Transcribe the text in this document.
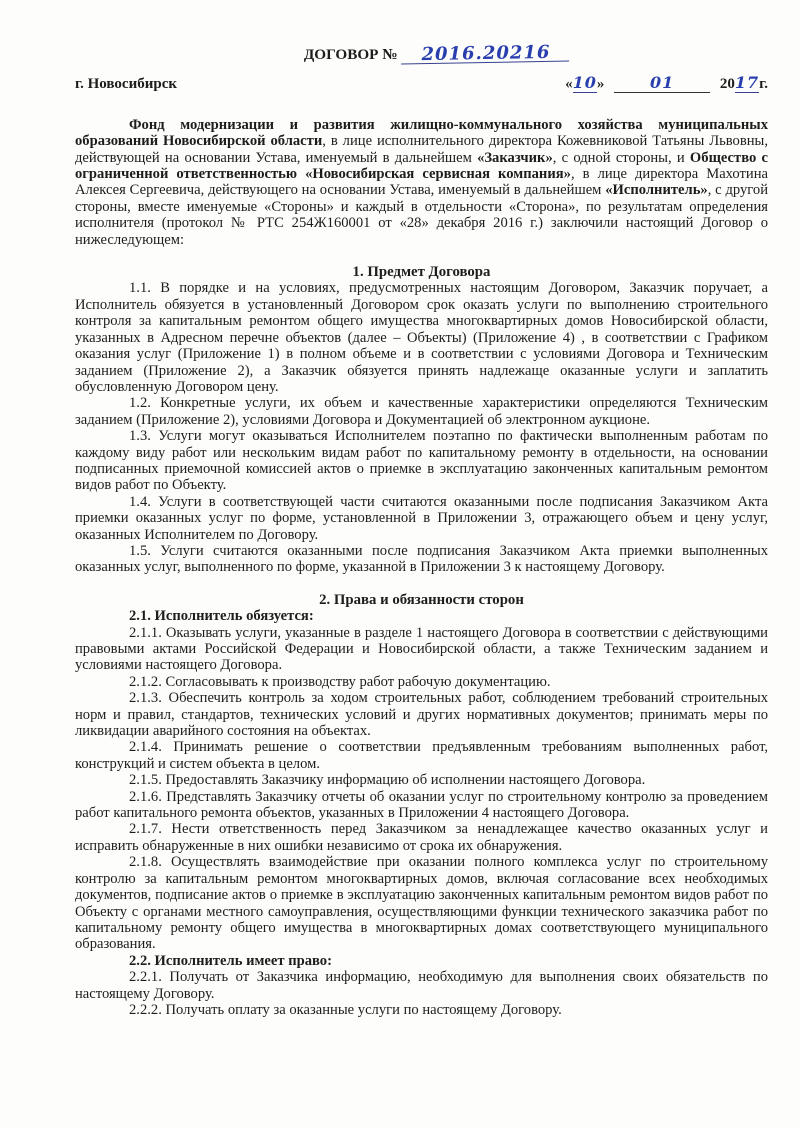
ДОГОВОР № 2016.20216
г. Новосибирск	«10»	01	2017г.

Фонд модернизации и развития жилищно-коммунального хозяйства муниципальных образований Новосибирской области, в лице исполнительного директора Кожевниковой Татьяны Львовны, действующей на основании Устава, именуемый в дальнейшем «Заказчик», с одной стороны, и Общество с ограниченной ответственностью «Новосибирская сервисная компания», в лице директора Махотина Алексея Сергеевича, действующего на основании Устава, именуемый в дальнейшем «Исполнитель», с другой стороны, вместе именуемые «Стороны» и каждый в отдельности «Сторона», по результатам определения исполнителя (протокол № РТС 254Ж160001 от «28» декабря 2016 г.) заключили настоящий Договор о нижеследующем:

1. Предмет Договора

1.1. В порядке и на условиях, предусмотренных настоящим Договором, Заказчик поручает, а Исполнитель обязуется в установленный Договором срок оказать услуги по выполнению строительного контроля за капитальным ремонтом общего имущества многоквартирных домов Новосибирской области, указанных в Адресном перечне объектов (далее – Объекты) (Приложение 4) , в соответствии с Графиком оказания услуг (Приложение 1) в полном объеме и в соответствии с условиями Договора и Техническим заданием (Приложение 2), а Заказчик обязуется принять надлежаще оказанные услуги и заплатить обусловленную Договором цену.

1.2. Конкретные услуги, их объем и качественные характеристики определяются Техническим заданием (Приложение 2), условиями Договора и Документацией об электронном аукционе.

1.3. Услуги могут оказываться Исполнителем поэтапно по фактически выполненным работам по каждому виду работ или нескольким видам работ по капитальному ремонту в отдельности, на основании подписанных приемочной комиссией актов о приемке в эксплуатацию законченных капитальным ремонтом видов работ по Объекту.

1.4. Услуги в соответствующей части считаются оказанными после подписания Заказчиком Акта приемки оказанных услуг по форме, установленной в Приложении 3, отражающего объем и цену услуг, оказанных Исполнителем по Договору.

1.5. Услуги считаются оказанными после подписания Заказчиком Акта приемки выполненных оказанных услуг, выполненного по форме, указанной в Приложении 3 к настоящему Договору.

2. Права и обязанности сторон

2.1. Исполнитель обязуется:

2.1.1. Оказывать услуги, указанные в разделе 1 настоящего Договора в соответствии с действующими правовыми актами Российской Федерации и Новосибирской области, а также Техническим заданием и условиями настоящего Договора.

2.1.2. Согласовывать к производству работ рабочую документацию.

2.1.3. Обеспечить контроль за ходом строительных работ, соблюдением требований строительных норм и правил, стандартов, технических условий и других нормативных документов; принимать меры по ликвидации аварийного состояния на объектах.

2.1.4. Принимать решение о соответствии предъявленным требованиям выполненных работ, конструкций и систем объекта в целом.

2.1.5. Предоставлять Заказчику информацию об исполнении настоящего Договора.

2.1.6. Представлять Заказчику отчеты об оказании услуг по строительному контролю за проведением работ капитального ремонта объектов, указанных в Приложении 4 настоящего Договора.

2.1.7. Нести ответственность перед Заказчиком за ненадлежащее качество оказанных услуг и исправить обнаруженные в них ошибки независимо от срока их обнаружения.

2.1.8. Осуществлять взаимодействие при оказании полного комплекса услуг по строительному контролю за капитальным ремонтом многоквартирных домов, включая согласование всех необходимых документов, подписание актов о приемке в эксплуатацию законченных капитальным ремонтом видов работ по Объекту с органами местного самоуправления, осуществляющими функции технического заказчика работ по капитальному ремонту общего имущества в многоквартирных домах соответствующего муниципального образования.

2.2. Исполнитель имеет право:

2.2.1. Получать от Заказчика информацию, необходимую для выполнения своих обязательств по настоящему Договору.

2.2.2. Получать оплату за оказанные услуги по настоящему Договору.
